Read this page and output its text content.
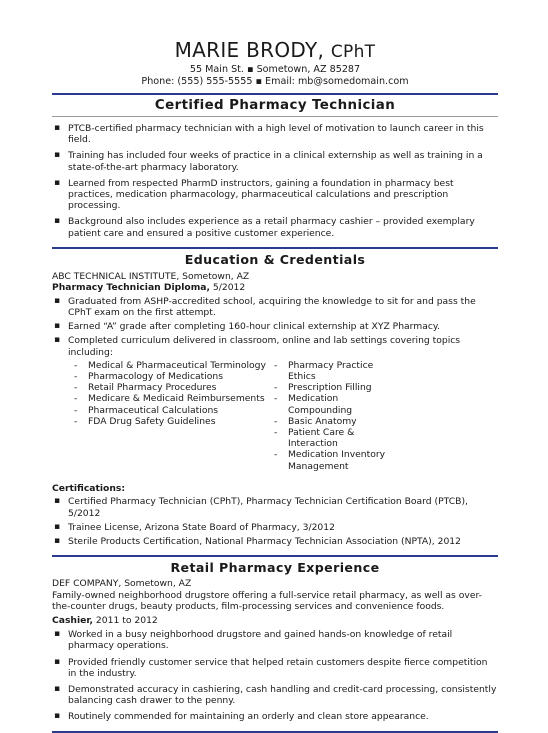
MARIE BRODY, CPhT
55 Main St. ▪ Sometown, AZ 85287
Phone: (555) 555-5555 ▪ Email: mb@somedomain.com
Certified Pharmacy Technician
▪ PTCB-certified pharmacy technician with a high level of motivation to launch career in this field.
▪ Training has included four weeks of practice in a clinical externship as well as training in a state-of-the-art pharmacy laboratory.
▪ Learned from respected PharmD instructors, gaining a foundation in pharmacy best practices, medication pharmacology, pharmaceutical calculations and prescription processing.
▪ Background also includes experience as a retail pharmacy cashier – provided exemplary patient care and ensured a positive customer experience.
Education & Credentials
ABC TECHNICAL INSTITUTE, Sometown, AZ
Pharmacy Technician Diploma, 5/2012
▪ Graduated from ASHP-accredited school, acquiring the knowledge to sit for and pass the CPhT exam on the first attempt.
▪ Earned “A” grade after completing 160-hour clinical externship at XYZ Pharmacy.
▪ Completed curriculum delivered in classroom, online and lab settings covering topics including:
- Medical & Pharmaceutical Terminology
- Pharmacology of Medications
- Retail Pharmacy Procedures
- Medicare & Medicaid Reimbursements
- Pharmaceutical Calculations
- FDA Drug Safety Guidelines
- Pharmacy Practice Ethics
- Prescription Filling
- Medication Compounding
- Basic Anatomy
- Patient Care & Interaction
- Medication Inventory Management
Certifications:
▪ Certified Pharmacy Technician (CPhT), Pharmacy Technician Certification Board (PTCB), 5/2012
▪ Trainee License, Arizona State Board of Pharmacy, 3/2012
▪ Sterile Products Certification, National Pharmacy Technician Association (NPTA), 2012
Retail Pharmacy Experience
DEF COMPANY, Sometown, AZ
Family-owned neighborhood drugstore offering a full-service retail pharmacy, as well as over-the-counter drugs, beauty products, film-processing services and convenience foods.
Cashier, 2011 to 2012
▪ Worked in a busy neighborhood drugstore and gained hands-on knowledge of retail pharmacy operations.
▪ Provided friendly customer service that helped retain customers despite fierce competition in the industry.
▪ Demonstrated accuracy in cashiering, cash handling and credit-card processing, consistently balancing cash drawer to the penny.
▪ Routinely commended for maintaining an orderly and clean store appearance.
